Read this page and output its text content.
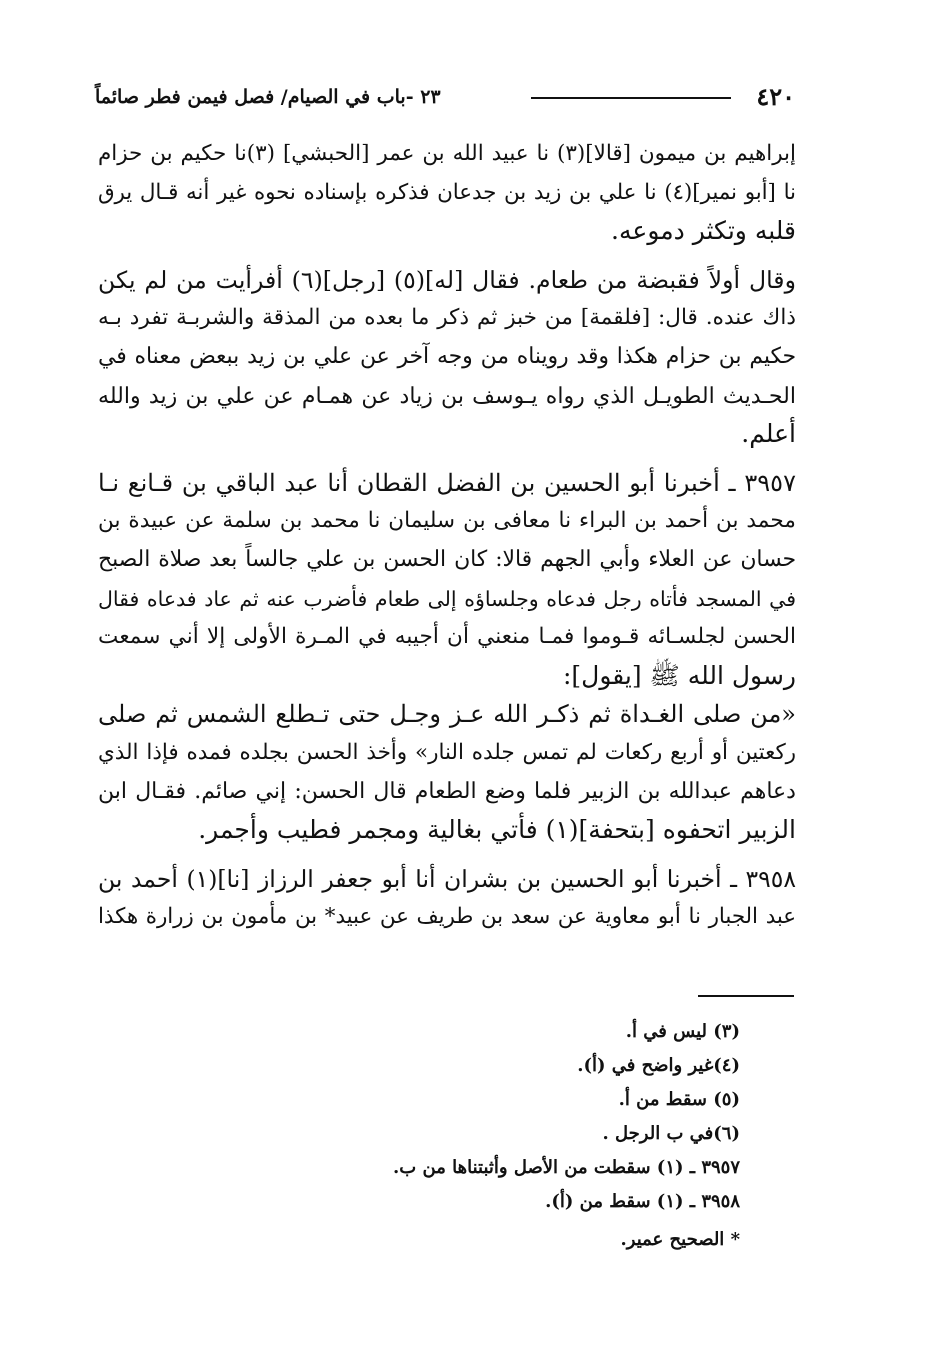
٤٢٠
٢٣ -باب في الصيام/ فصل فيمن فطر صائماً

إبراهيم بن ميمون [قالا](٣) نا عبيد الله بن عمر [الحبشي] (٣)نا حكيم بن حزام
نا [أبو نمير](٤) نا علي بن زيد بن جدعان فذكره بإسناده نحوه غير أنه قـال يرق
قلبه وتكثر دموعه.

وقال أولاً فقبضة من طعام. فقال [له](٥) [رجل](٦) أفرأيت من لم يكن
ذاك عنده. قال: [فلقمة] من خبز ثم ذكر ما بعده من المذقة والشربـة تفرد بـه
حكيم بن حزام هكذا وقد رويناه من وجه آخر عن علي بن زيد ببعض معناه في
الحـديث الطويـل الذي رواه يـوسف بن زياد عن همـام عن علي بن زيد والله
أعلم.

٣٩٥٧ ـ أخبرنا أبو الحسين بن الفضل القطان أنا عبد الباقي بن قـانع نـا
محمد بن أحمد بن البراء نا معافى بن سليمان نا محمد بن سلمة عن عبيدة بن
حسان عن العلاء وأبي الجهم قالا: كان الحسن بن علي جالساً بعد صلاة الصبح
في المسجد فأتاه رجل فدعاه وجلساؤه إلى طعام فأضرب عنه ثم عاد فدعاه فقال
الحسن لجلسـائه قـوموا فمـا منعني أن أجيبه في المـرة الأولى إلا أني سمعت
رسول الله ﷺ [يقول]:

«من صلى الغـداة ثم ذكـر الله عـز وجـل حتى تـطلع الشمس ثم صلى
ركعتين أو أربع ركعات لم تمس جلده النار» وأخذ الحسن بجلده فمده فإذا الذي
دعاهم عبدالله بن الزبير فلما وضع الطعام قال الحسن: إني صائم. فقـال ابن
الزبير اتحفوه [بتحفة](١) فأتي بغالية ومجمر فطيب وأجمر.

٣٩٥٨ ـ أخبرنا أبو الحسين بن بشران أنا أبو جعفر الرزاز [نا](١) أحمد بن
عبد الجبار نا أبو معاوية عن سعد بن طريف عن عبيد* بن مأمون بن زرارة هكذا

(٣) ليس في أ.
(٤)غير واضح في (أ).
(٥) سقط من أ.
(٦)في ب الرجل .
٣٩٥٧ ـ (١) سقطت من الأصل وأثبتناها من ب.
٣٩٥٨ ـ (١) سقط من (أ).
* الصحيح عمير.
